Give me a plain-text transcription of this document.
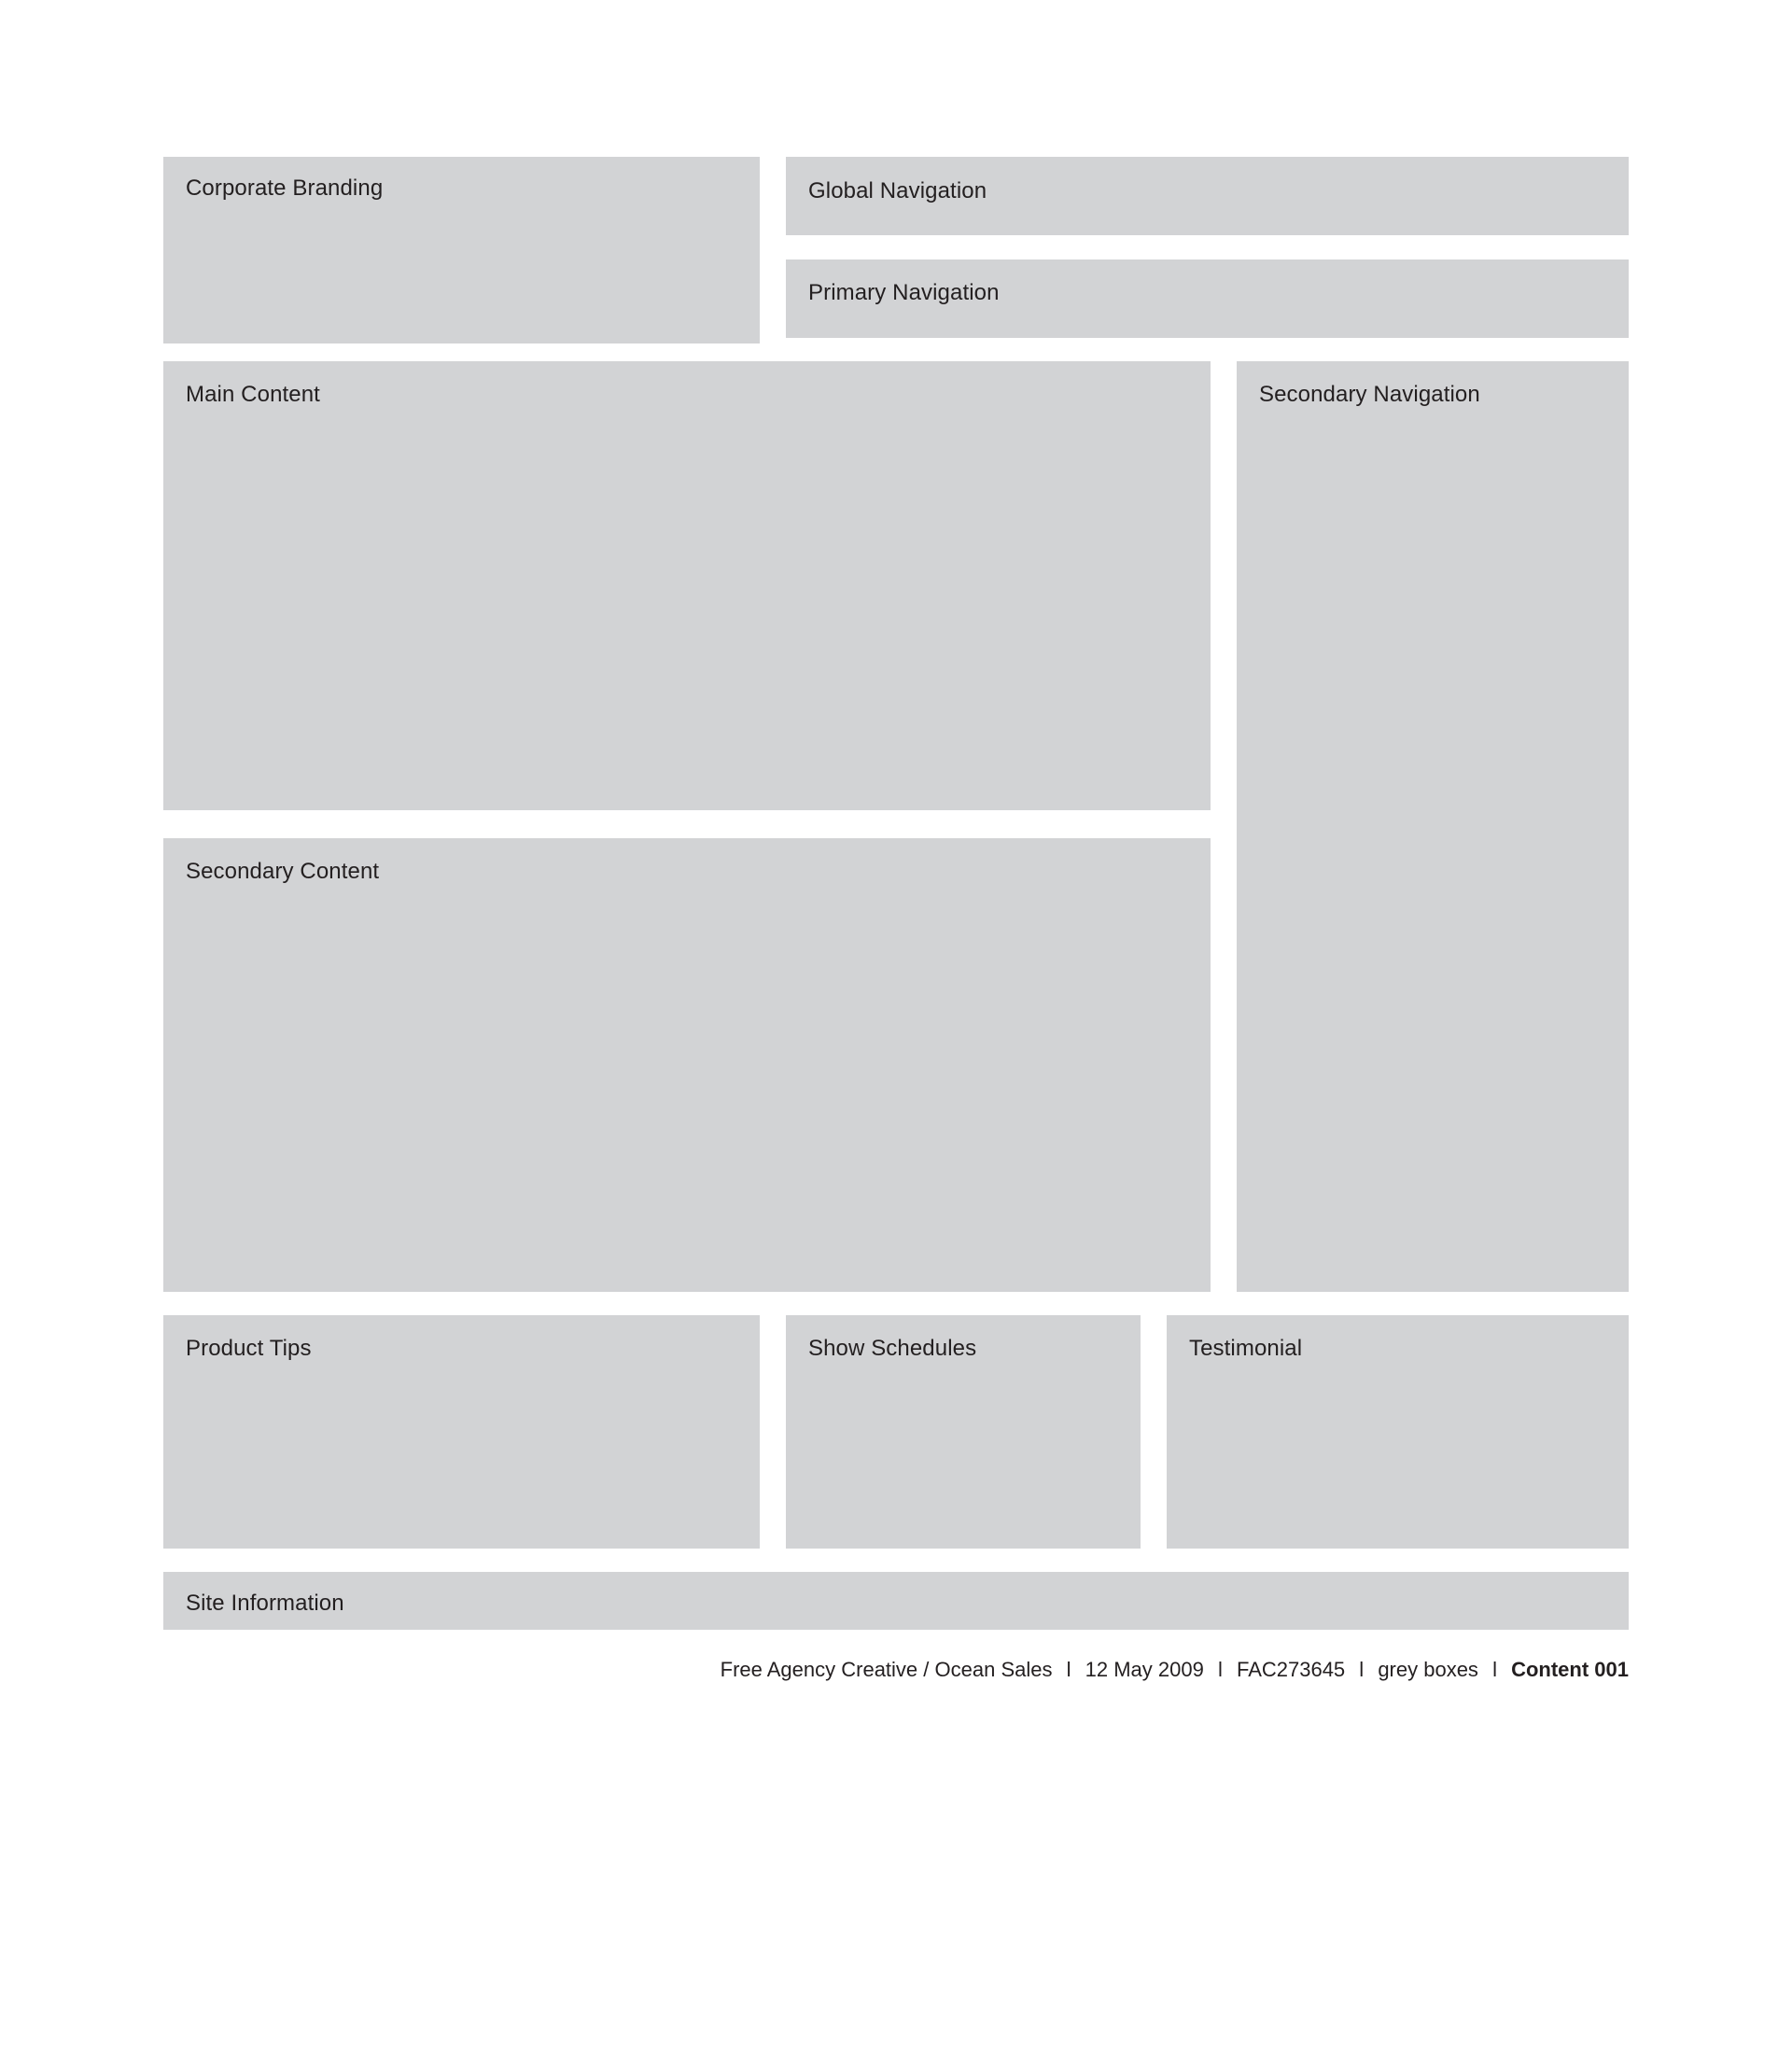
Corporate Branding	Global Navigation
Primary Navigation
Main Content
Secondary Content
Secondary Navigation
Product Tips	Show Schedules	Testimonial
Site Information
Free Agency Creative / Ocean Sales l 12 May 2009 l FAC273645 l grey boxes l Content 001
